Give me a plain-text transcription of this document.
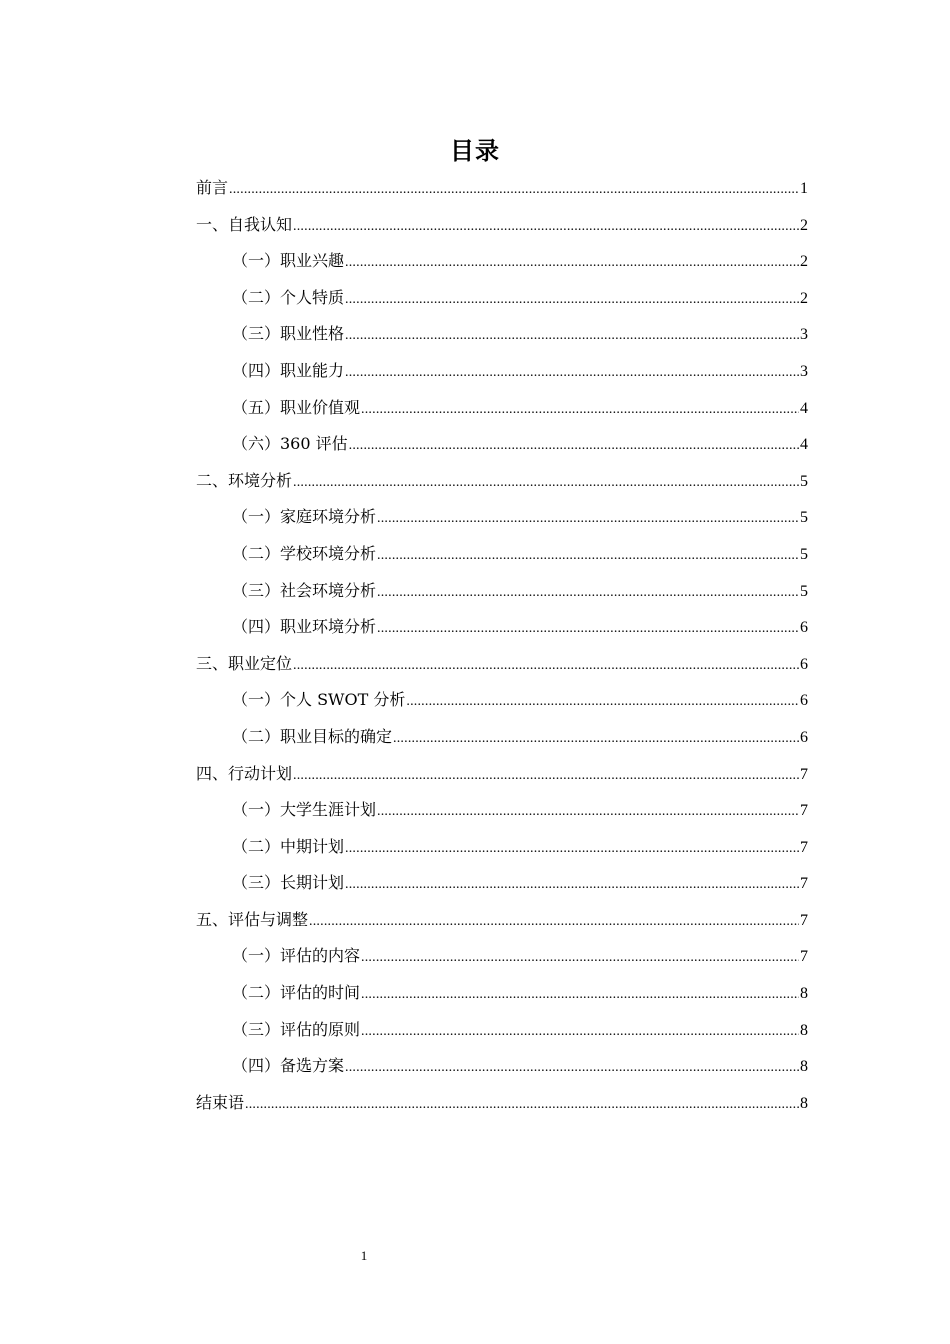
目录
前言 .....	1
一、自我认知 .....	2
（一）职业兴趣 .....	2
（二）个人特质 .....	2
（三）职业性格 .....	3
（四）职业能力 .....	3
（五）职业价值观 .....	4
（六）360 评估 .....	4
二、环境分析 .....	5
（一）家庭环境分析 .....	5
（二）学校环境分析 .....	5
（三）社会环境分析 .....	5
（四）职业环境分析 .....	6
三、职业定位 .....	6
（一）个人 SWOT 分析 .....	6
（二）职业目标的确定 .....	6
四、行动计划 .....	7
（一）大学生涯计划 .....	7
（二）中期计划 .....	7
（三）长期计划 .....	7
五、评估与调整 .....	7
（一）评估的内容 .....	7
（二）评估的时间 .....	8
（三）评估的原则 .....	8
（四）备选方案 .....	8
结束语 .....	8
1
